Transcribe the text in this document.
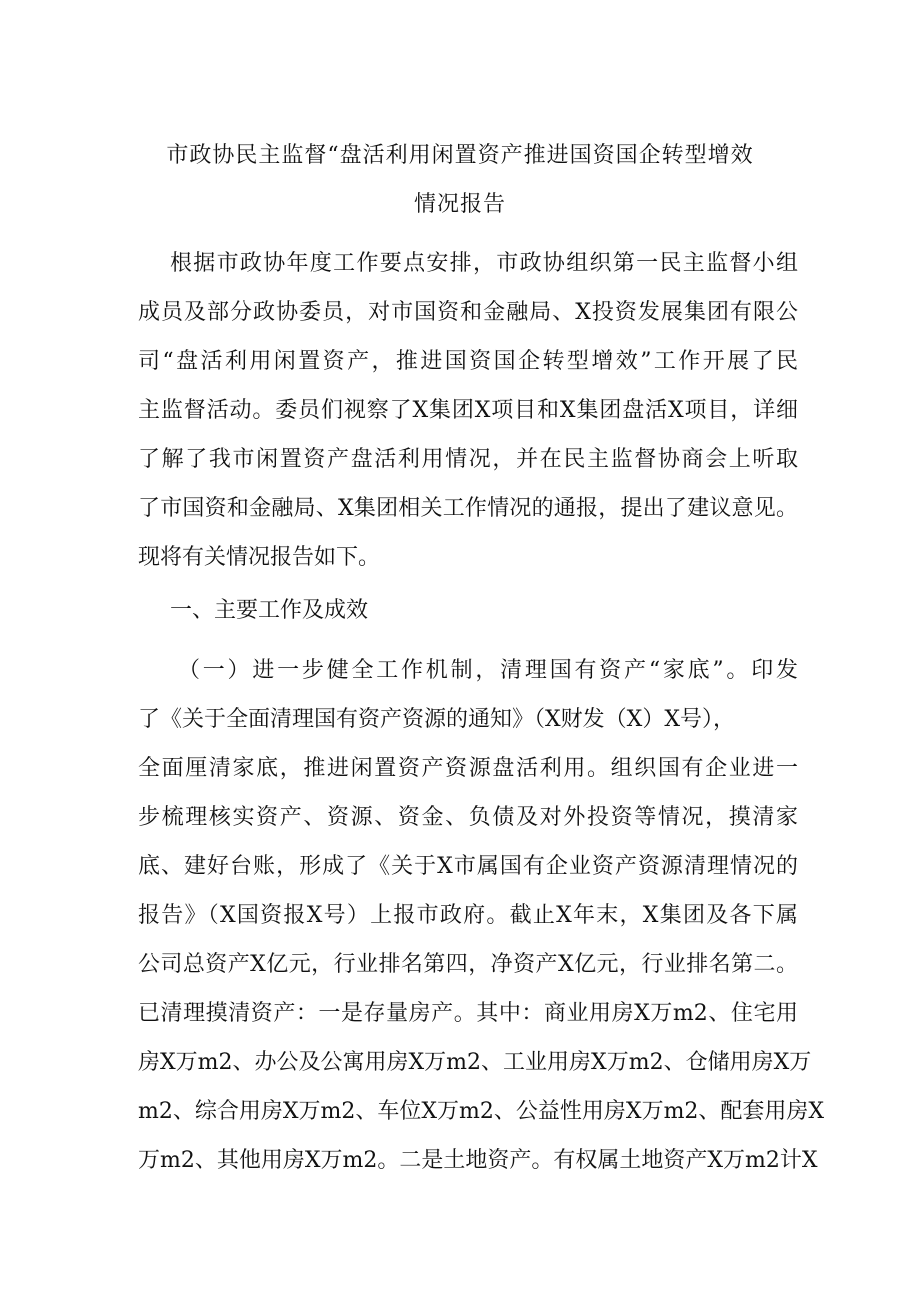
市政协民主监督“盘活利用闲置资产推进国资国企转型增效
情况报告
根据市政协年度工作要点安排，市政协组织第一民主监督小组
成员及部分政协委员，对市国资和金融局、X投资发展集团有限公
司“盘活利用闲置资产，推进国资国企转型增效”工作开展了民
主监督活动。委员们视察了X集团X项目和X集团盘活X项目，详细
了解了我市闲置资产盘活利用情况，并在民主监督协商会上听取
了市国资和金融局、X集团相关工作情况的通报，提出了建议意见。
现将有关情况报告如下。
一、主要工作及成效
（一）进一步健全工作机制，清理国有资产“家底”。印发
了《关于全面清理国有资产资源的通知》（X财发（X）X号），
全面厘清家底，推进闲置资产资源盘活利用。组织国有企业进一
步梳理核实资产、资源、资金、负债及对外投资等情况，摸清家
底、建好台账，形成了《关于X市属国有企业资产资源清理情况的
报告》（X国资报X号）上报市政府。截止X年末，X集团及各下属
公司总资产X亿元，行业排名第四，净资产X亿元，行业排名第二。
已清理摸清资产：一是存量房产。其中：商业用房X万m2、住宅用
房X万m2、办公及公寓用房X万m2、工业用房X万m2、仓储用房X万
m2、综合用房X万m2、车位X万m2、公益性用房X万m2、配套用房X
万m2、其他用房X万m2。二是土地资产。有权属土地资产X万m2计X
